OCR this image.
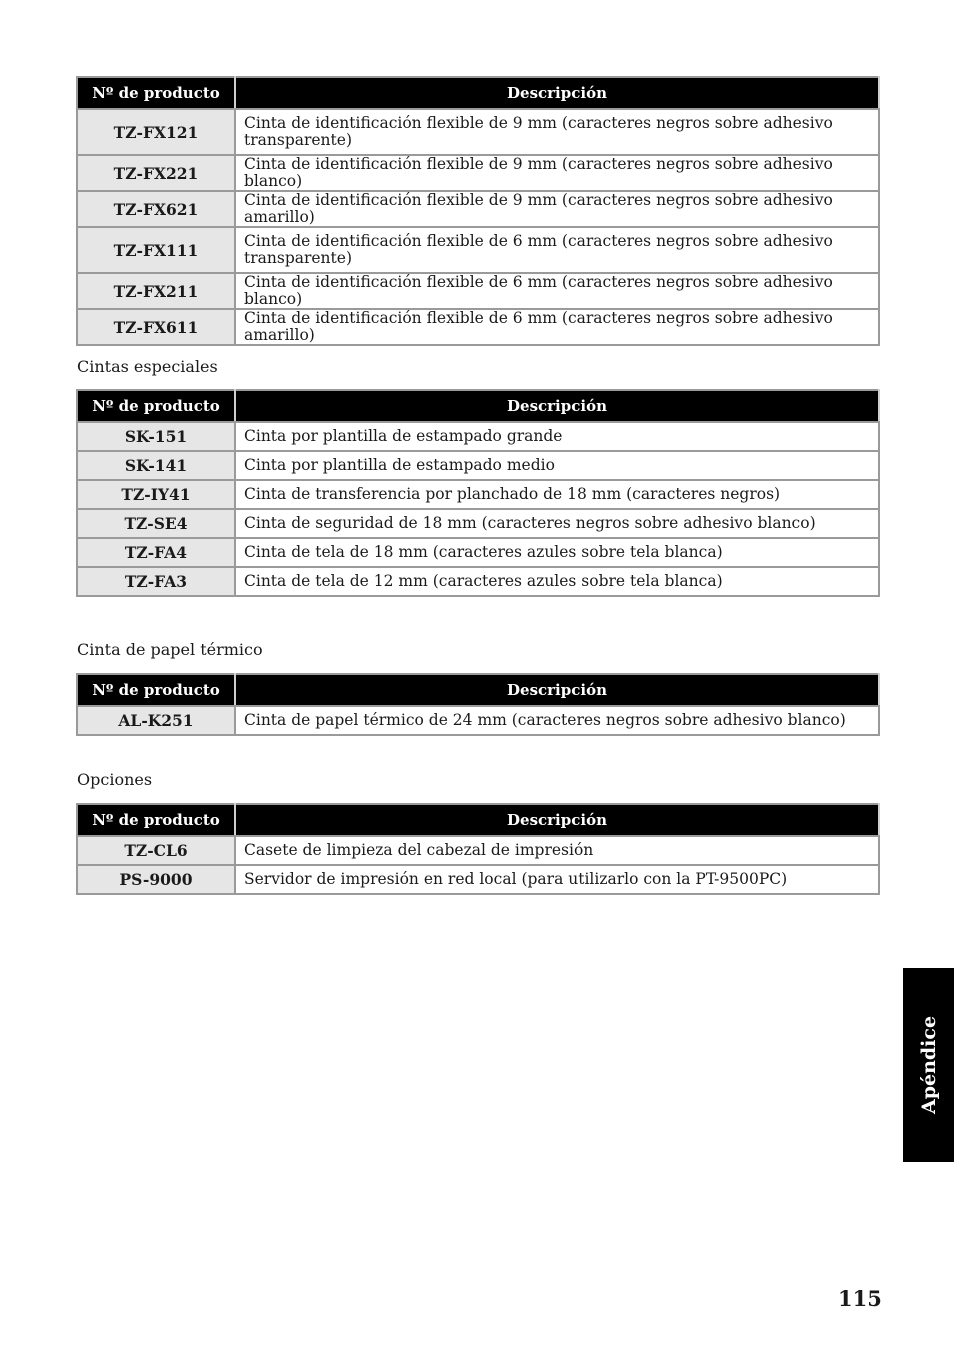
Nº de producto	Descripción
TZ-FX121	Cinta de identificación flexible de 9 mm (caracteres negros sobre adhesivo transparente)
TZ-FX221	Cinta de identificación flexible de 9 mm (caracteres negros sobre adhesivo blanco)
TZ-FX621	Cinta de identificación flexible de 9 mm (caracteres negros sobre adhesivo amarillo)
TZ-FX111	Cinta de identificación flexible de 6 mm (caracteres negros sobre adhesivo transparente)
TZ-FX211	Cinta de identificación flexible de 6 mm (caracteres negros sobre adhesivo blanco)
TZ-FX611	Cinta de identificación flexible de 6 mm (caracteres negros sobre adhesivo amarillo)
Cintas especiales
Nº de producto	Descripción
SK-151	Cinta por plantilla de estampado grande
SK-141	Cinta por plantilla de estampado medio
TZ-IY41	Cinta de transferencia por planchado de 18 mm (caracteres negros)
TZ-SE4	Cinta de seguridad de 18 mm (caracteres negros sobre adhesivo blanco)
TZ-FA4	Cinta de tela de 18 mm (caracteres azules sobre tela blanca)
TZ-FA3	Cinta de tela de 12 mm (caracteres azules sobre tela blanca)
Cinta de papel térmico
Nº de producto	Descripción
AL-K251	Cinta de papel térmico de 24 mm (caracteres negros sobre adhesivo blanco)
Opciones
Nº de producto	Descripción
TZ-CL6	Casete de limpieza del cabezal de impresión
PS-9000	Servidor de impresión en red local (para utilizarlo con la PT-9500PC)
Apéndice
115
